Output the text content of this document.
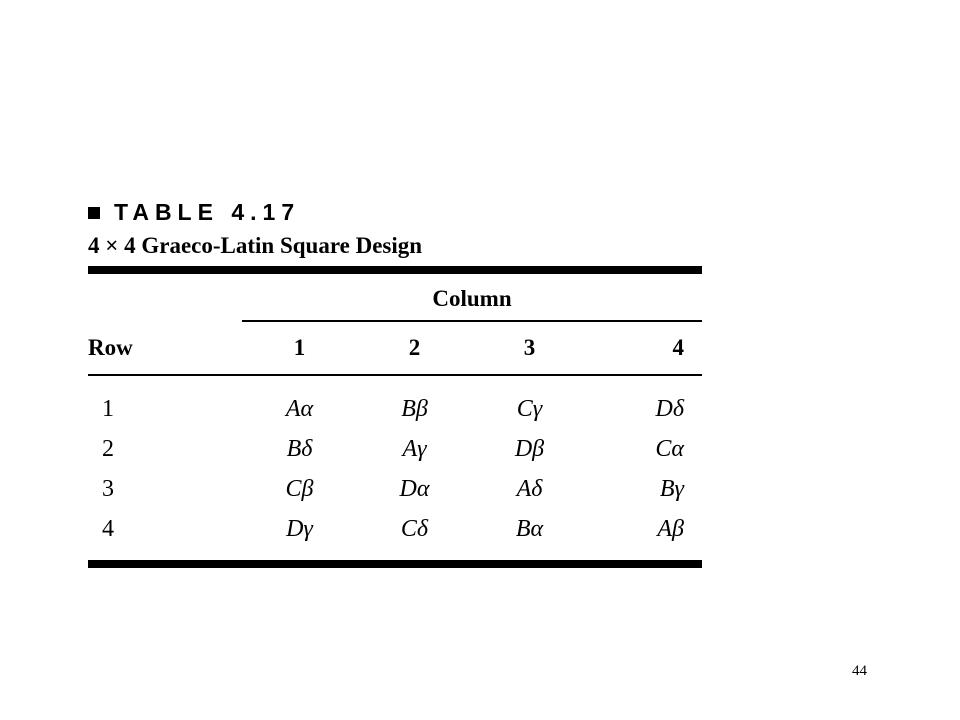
TABLE 4.17
4 × 4 Graeco-Latin Square Design
Column
Row	1	2	3	4
1	Aα	Bβ	Cγ	Dδ
2	Bδ	Aγ	Dβ	Cα
3	Cβ	Dα	Aδ	Bγ
4	Dγ	Cδ	Bα	Aβ
44
